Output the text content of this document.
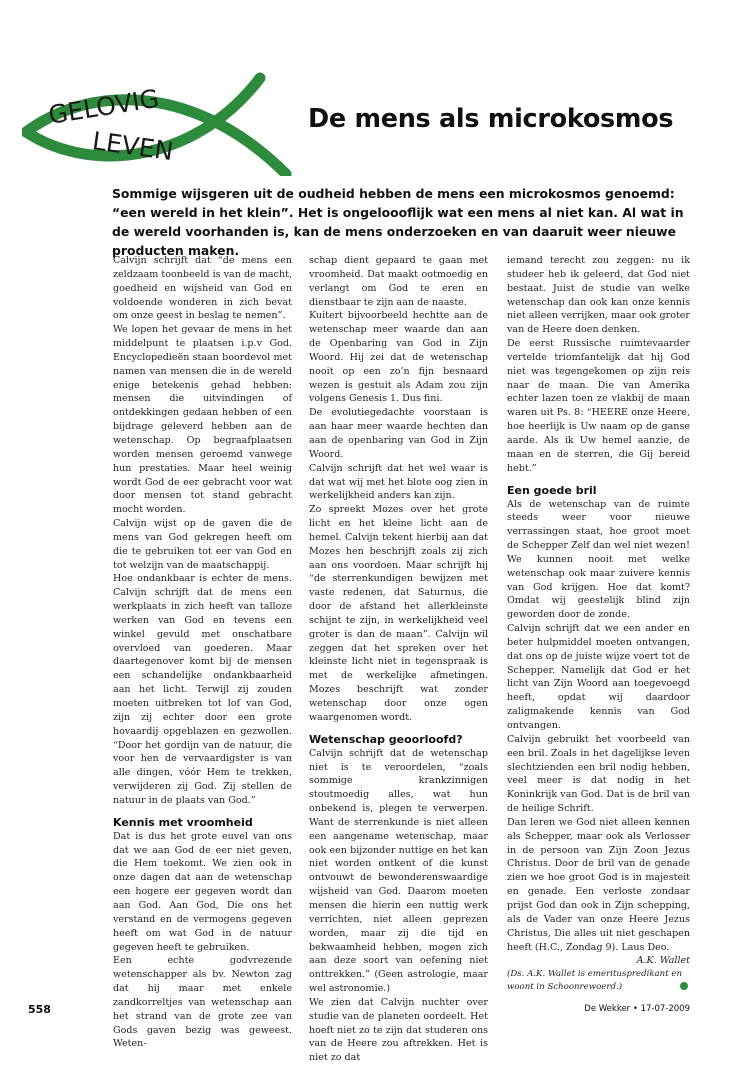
GELOVIG
LEVEN
De mens als microkosmos

Sommige wijsgeren uit de oudheid hebben de mens een microkosmos genoemd: “een wereld in het klein”. Het is ongeloooflijk wat een mens al niet kan. Al wat in de wereld voorhanden is, kan de mens onderzoeken en van daaruit weer nieuwe producten maken.

Calvijn schrijft dat “de mens een zeldzaam toonbeeld is van de macht, goedheid en wijsheid van God en voldoende wonderen in zich bevat om onze geest in beslag te nemen”.

We lopen het gevaar de mens in het middelpunt te plaatsen i.p.v God. Encyclopedieën staan boordevol met namen van mensen die in de wereld enige betekenis gehad hebben: mensen die uitvindingen of ontdekkingen gedaan hebben of een bijdrage geleverd hebben aan de wetenschap. Op begraafplaatsen worden mensen geroemd vanwege hun prestaties. Maar heel weinig wordt God de eer gebracht voor wat door mensen tot stand gebracht mocht worden.

Calvijn wijst op de gaven die de mens van God gekregen heeft om die te gebruiken tot eer van God en tot welzijn van de maatschappij.

Hoe ondankbaar is echter de mens. Calvijn schrijft dat de mens een werkplaats in zich heeft van talloze werken van God en tevens een winkel gevuld met onschatbare overvloed van goederen. Maar daartegenover komt bij de mensen een schandelijke ondankbaarheid aan het licht. Terwijl zij zouden moeten uitbreken tot lof van God, zijn zij echter door een grote hovaardij opgeblazen en gezwollen. “Door het gordijn van de natuur, die voor hen de vervaardigster is van alle dingen, vóór Hem te trekken, verwijderen zij God. Zij stellen de natuur in de plaats van God.”

Kennis met vroomheid

Dat is dus het grote euvel van ons dat we aan God de eer niet geven, die Hem toekomt. We zien ook in onze dagen dat aan de wetenschap een hogere eer gegeven wordt dan aan God. Aan God, Die ons het verstand en de vermogens gegeven heeft om wat God in de natuur gegeven heeft te gebruiken.

Een echte godvrezende wetenschapper als bv. Newton zag dat hij maar met enkele zandkorreltjes van wetenschap aan het strand van de grote zee van Gods gaven bezig was geweest. Weten-

schap dient gepaard te gaan met vroomheid. Dat maakt ootmoedig en verlangt om God te eren en dienstbaar te zijn aan de naaste.

Kuitert bijvoorbeeld hechtte aan de wetenschap meer waarde dan aan de Openbaring van God in Zijn Woord. Hij zei dat de wetenschap nooit op een zo’n fijn besnaard wezen is gestuit als Adam zou zijn volgens Genesis 1. Dus fini.

De evolutiegedachte voorstaan is aan haar meer waarde hechten dan aan de openbaring van God in Zijn Woord.

Calvijn schrijft dat het wel waar is dat wat wij met het blote oog zien in werkelijkheid anders kan zijn.

Zo spreekt Mozes over het grote licht en het kleine licht aan de hemel. Calvijn tekent hierbij aan dat Mozes hen beschrijft zoals zij zich aan ons voordoen. Maar schrijft hij “de sterrenkundigen bewijzen met vaste redenen, dat Saturnus, die door de afstand het allerkleinste schijnt te zijn, in werkelijkheid veel groter is dan de maan”. Calvijn wil zeggen dat het spreken over het kleinste licht niet in tegenspraak is met de werkelijke afmetingen. Mozes beschrijft wat zonder wetenschap door onze ogen waargenomen wordt.

Wetenschap geoorloofd?

Calvijn schrijft dat de wetenschap niet is te veroordelen, “zoals sommige krankzinnigen stoutmoedig alles, wat hun onbekend is, plegen te verwerpen. Want de sterrenkunde is niet alleen een aangename wetenschap, maar ook een bijzonder nuttige en het kan niet worden ontkent of die kunst ontvouwt de bewonderenswaardige wijsheid van God. Daarom moeten mensen die hierin een nuttig werk verrichten, niet alleen geprezen worden, maar zij die tijd en bekwaamheid hebben, mogen zich aan deze soort van oefening niet onttrekken.” (Geen astrologie, maar wel astronomie.)

We zien dat Calvijn nuchter over studie van de planeten oordeelt. Het hoeft niet zo te zijn dat studeren ons van de Heere zou aftrekken. Het is niet zo dat

iemand terecht zou zeggen: nu ik studeer heb ik geleerd, dat God niet bestaat. Juist de studie van welke wetenschap dan ook kan onze kennis niet alleen verrijken, maar ook groter van de Heere doen denken.

De eerst Russische ruimtevaarder vertelde triomfantelijk dat hij God niet was tegengekomen op zijn reis naar de maan. Die van Amerika echter lazen toen ze vlakbij de maan waren uit Ps. 8: “HEERE onze Heere, hoe heerlijk is Uw naam op de ganse aarde. Als ik Uw hemel aanzie, de maan en de sterren, die Gij bereid hebt.”

Een goede bril

Als de wetenschap van de ruimte steeds weer voor nieuwe verrassingen staat, hoe groot moet de Schepper Zelf dan wel niet wezen!

We kunnen nooit met welke wetenschap ook maar zuivere kennis van God krijgen. Hoe dat komt? Omdat wij geestelijk blind zijn geworden door de zonde.

Calvijn schrijft dat we een ander en beter hulpmiddel moeten ontvangen, dat ons op de juiste wijze voert tot de Schepper. Namelijk dat God er het licht van Zijn Woord aan toegevoegd heeft, opdat wij daardoor zaligmakende kennis van God ontvangen.

Calvijn gebruikt het voorbeeld van een bril. Zoals in het dagelijkse leven slechtzienden een bril nodig hebben, veel meer is dat nodig in het Koninkrijk van God. Dat is de bril van de heilige Schrift.

Dan leren we God niet alleen kennen als Schepper, maar ook als Verlosser in de persoon van Zijn Zoon Jezus Christus. Door de bril van de genade zien we hoe groot God is in majesteit en genade. Een verloste zondaar prijst God dan ook in Zijn schepping, als de Vader van onze Heere Jezus Christus, Die alles uit niet geschapen heeft (H.C., Zondag 9). Laus Deo.

A.K. Wallet

(Ds. A.K. Wallet is emerituspredikant en woont in Schoonrewoerd.)

558	De Wekker • 17-07-2009
